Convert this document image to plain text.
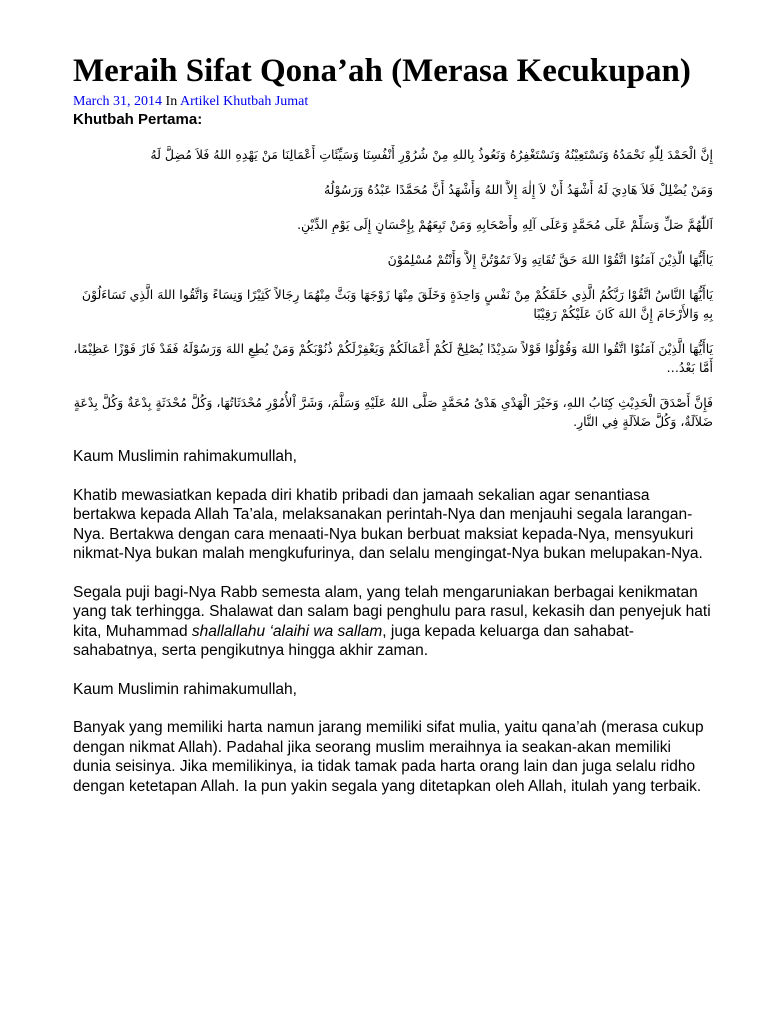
Meraih Sifat Qona’ah (Merasa Kecukupan)
March 31, 2014 In Artikel Khutbah Jumat
Khutbah Pertama:

إِنَّ الْحَمْدَ لِلّٰهِ نَحْمَدُهُ وَنَسْتَعِيْنُهُ وَنَسْتَغْفِرُهُ وَنَعُوذُ بِاللهِ مِنْ شُرُوْرِ أَنْفُسِنَا وَسَيِّئَاتِ أَعْمَالِنَا مَنْ يَهْدِهِ اللهُ فَلاَ مُضِلَّ لَهُ

وَمَنْ يُضْلِلْ فَلاَ هَادِيَ لَهُ أَشْهَدُ أَنْ لاَ إِلٰهَ إِلاَّ اللهُ وَأَشْهَدُ أَنَّ مُحَمَّدًا عَبْدُهُ وَرَسُوْلُهُ

اَللّٰهُمَّ صَلِّ وَسَلِّمْ عَلَى مُحَمَّدٍ وَعَلَى آلِهِ وأَصْحَابِهِ وَمَنْ تَبِعَهُمْ بِإِحْسَانٍ إِلَى يَوْمِ الدِّيْنِ.

يَاأَيُّهَا الَّذِيْنَ آمَنُوْا اتَّقُوْا اللهَ حَقَّ تُقَاتِهِ وَلاَ تَمُوْتُنَّ إِلاَّ وَأَنْتُمْ مُسْلِمُوْنَ

يَاأَيُّهَا النَّاسُ اتَّقُوْا رَبَّكُمُ الَّذِي خَلَقَكُمْ مِنْ نَفْسٍ وَاحِدَةٍ وَخَلَقَ مِنْهَا زَوْجَهَا وَبَثَّ مِنْهُمَا رِجَالاً كَثِيْرًا وَنِسَاءً وَاتَّقُوا اللهَ الَّذِي تَسَاءَلُوْنَ بِهِ وَالأَرْحَامَ إِنَّ اللهَ كَانَ عَلَيْكُمْ رَقِيْبًا

يَاأَيُّهَا الَّذِيْنَ آمَنُوْا اتَّقُوا اللهَ وَقُوْلُوْا قَوْلاً سَدِيْدًا يُصْلِحْ لَكُمْ أَعْمَالَكُمْ وَيَغْفِرْلَكُمْ ذُنُوْبَكُمْ وَمَنْ يُطِعِ اللهَ وَرَسُوْلَهُ فَقَدْ فَازَ فَوْزًا عَظِيْمًا، أَمَّا بَعْدُ…

فَإِنَّ أَصْدَقَ الْحَدِيْثِ كِتَابُ اللهِ، وَخَيْرَ الْهَدْىِ هَدْىُ مُحَمَّدٍ صَلَّى اللهُ عَلَيْهِ وَسَلَّمَ، وَشَرَّ اْلأُمُوْرِ مُحْدَثَاتُهَا، وَكُلَّ مُحْدَثَةٍ بِدْعَةٌ وَكُلَّ بِدْعَةٍ ضَلاَلَةٌ، وَكُلَّ ضَلاَلَةٍ فِي النَّارِ.

Kaum Muslimin rahimakumullah,

Khatib mewasiatkan kepada diri khatib pribadi dan jamaah sekalian agar senantiasa bertakwa kepada Allah Ta’ala, melaksanakan perintah-Nya dan menjauhi segala larangan-Nya. Bertakwa dengan cara menaati-Nya bukan berbuat maksiat kepada-Nya, mensyukuri nikmat-Nya bukan malah mengkufurinya, dan selalu mengingat-Nya bukan melupakan-Nya.

Segala puji bagi-Nya Rabb semesta alam, yang telah mengaruniakan berbagai kenikmatan yang tak terhingga. Shalawat dan salam bagi penghulu para rasul, kekasih dan penyejuk hati kita, Muhammad shallallahu ‘alaihi wa sallam, juga kepada keluarga dan sahabat-sahabatnya, serta pengikutnya hingga akhir zaman.

Kaum Muslimin rahimakumullah,

Banyak yang memiliki harta namun jarang memiliki sifat mulia, yaitu qana’ah (merasa cukup dengan nikmat Allah). Padahal jika seorang muslim meraihnya ia seakan-akan memiliki dunia seisinya. Jika memilikinya, ia tidak tamak pada harta orang lain dan juga selalu ridho dengan ketetapan Allah. Ia pun yakin segala yang ditetapkan oleh Allah, itulah yang terbaik.
